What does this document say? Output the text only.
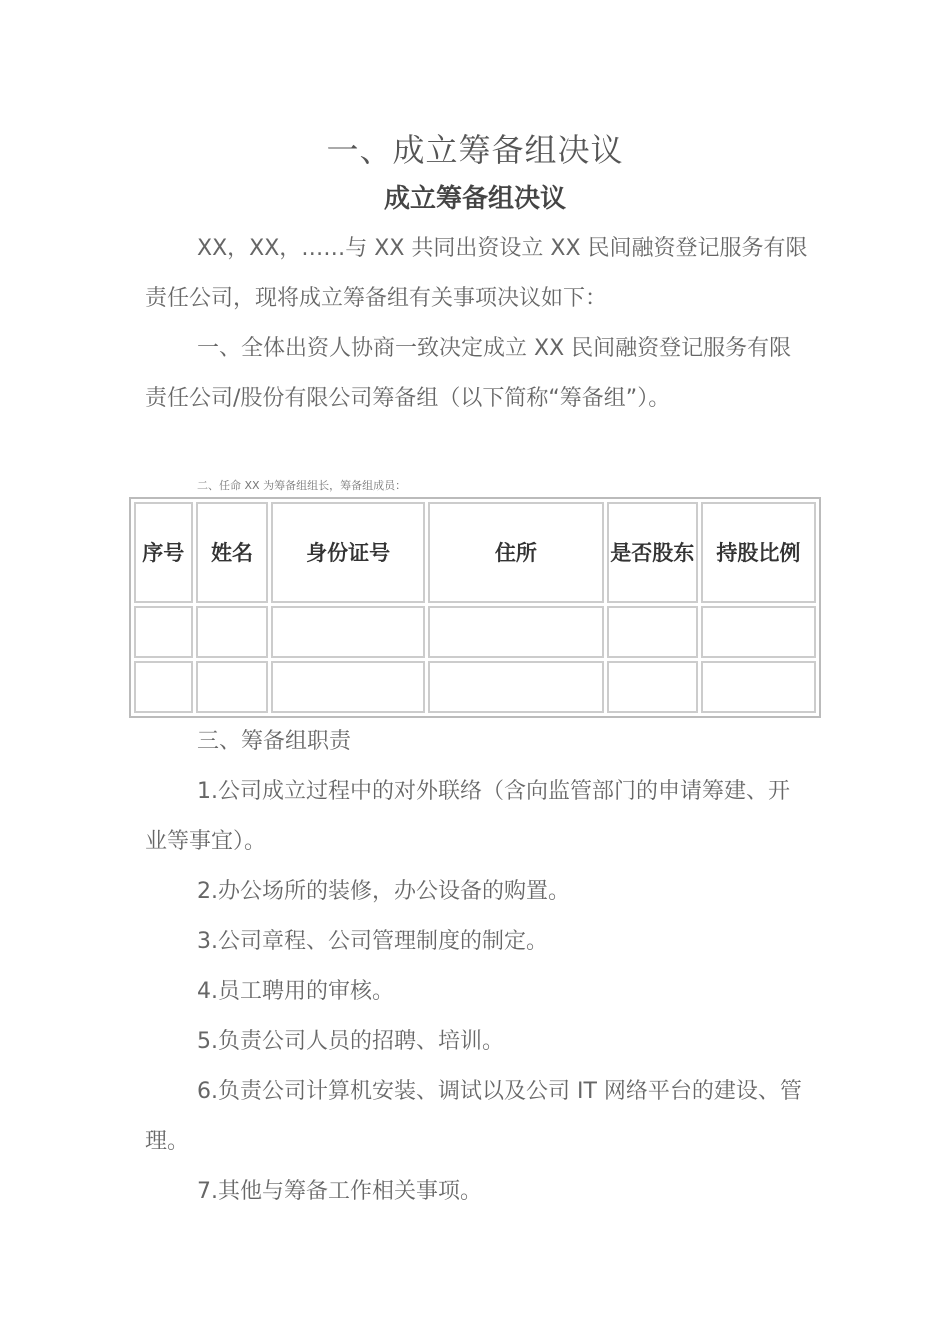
一、成立筹备组决议
成立筹备组决议

XX，XX，……与 XX 共同出资设立 XX 民间融资登记服务有限责任公司，现将成立筹备组有关事项决议如下：

一、全体出资人协商一致决定成立 XX 民间融资登记服务有限责任公司/股份有限公司筹备组（以下简称“筹备组”）。

二、任命 XX 为筹备组组长，筹备组成员：
序号	姓名	身份证号	住所	是否股东	持股比例

三、筹备组职责

1.公司成立过程中的对外联络（含向监管部门的申请筹建、开业等事宜）。

2.办公场所的装修，办公设备的购置。

3.公司章程、公司管理制度的制定。

4.员工聘用的审核。

5.负责公司人员的招聘、培训。

6.负责公司计算机安装、调试以及公司 IT 网络平台的建设、管理。

7.其他与筹备工作相关事项。
